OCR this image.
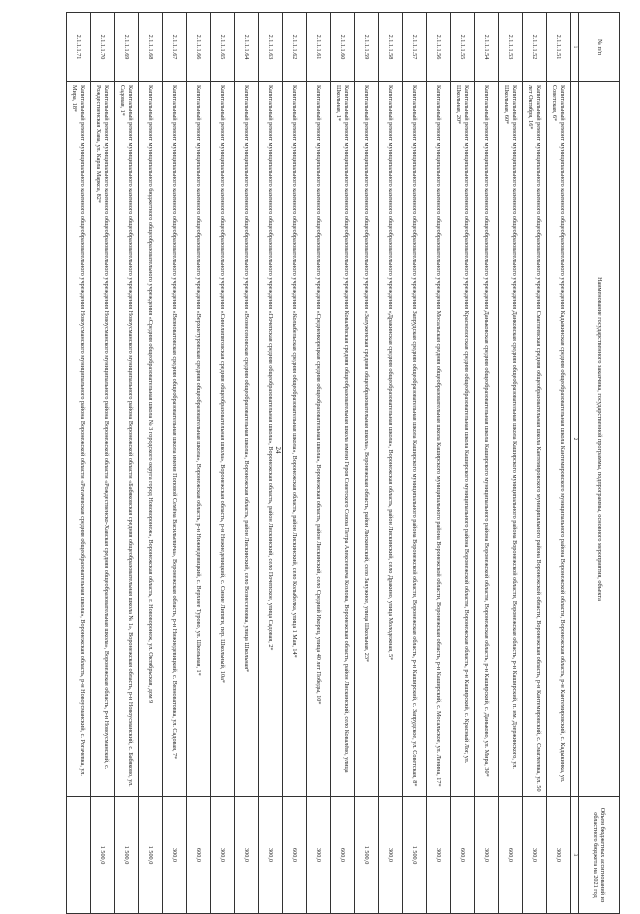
24
№ п/п	Наименование государственного заказчика, государственной программы, подпрограммы, основного мероприятия, объекта	Объем бюджетных ассигнований из областного бюджета на 2021 год
1	2	3
2.1.1.1.51	Капитальный ремонт муниципального казенного общеобразовательного учреждения Кадыкинская средняя общеобразовательная школа Кантемировского муниципального района Воронежской области, Воронежская область, р-н Кантемировский, с. Кадыкинка, ул. Советская, 6*	300,0
2.1.1.1.52	Капитальный ремонт муниципального казенного общеобразовательного учреждения Смаглеевская средняя общеобразовательная школа Кантемировского муниципального района Воронежской области, Воронежская область, р-н Кантемировский, с. Смаглеевка, ул. 50 лет Октября, 16*	300,0
2.1.1.1.53	Капитальный ремонт муниципального казенного общеобразовательного учреждения Данковская средняя общеобразовательная школа Каширского муниципального района Воронежской области, Воронежская область, р-н Каширский, п. им. Дзержинского, ул. Школьная, 60*	600,0
2.1.1.1.54	Капитальный ремонт муниципального казенного общеобразовательного учреждения Даньковская средняя общеобразовательная школа Каширского муниципального района Воронежской области, Воронежская область, р-н Каширский, с. Даньково, ул. Мира, 30*	300,0
2.1.1.1.55	Капитальный ремонт муниципального казенного общеобразовательного учреждения Краснологская средняя общеобразовательная школа Каширского муниципального района Воронежской области, Воронежская область, р-н Каширский, с. Красный Лог, ул. Школьная, 20*	600,0
2.1.1.1.56	Капитальный ремонт муниципального казенного общеобразовательного учреждения Мосальская средняя общеобразовательная школа Каширского муниципального района Воронежской области, Воронежская область, р-н Каширский, с. Мосальское, ул. Ленина, 17*	300,0
2.1.1.1.57	Капитальный ремонт муниципального казенного общеобразовательного учреждения Запрудская средняя общеобразовательная школа Каширского муниципального района Воронежской области, Воронежская область, р-н Каширский, с. Запрудское, ул. Советская, 8*	1 500,0
2.1.1.1.58	Капитальный ремонт муниципального казенного общеобразовательного учреждения «Дракинская средняя общеобразовательная школа», Воронежская область, район Лискинский, село Дракино, улица Молодежная, 5*	300,0
2.1.1.1.59	Капитальный ремонт муниципального казенного общеобразовательного учреждения «Залуженская средняя общеобразовательная школа», Воронежская область, район Лискинский, село Залужное, улица Школьная, 23*	1 500,0
2.1.1.1.60	Капитальный ремонт муниципального казенного общеобразовательного учреждения Ковалёвская средняя общеобразовательная школа имени Героя Советского Союза Петра Алексеевича Козлова, Воронежская область, район Лискинский, село Ковалёво, улица Школьная, 1*	600,0
2.1.1.1.61	Капитальный ремонт муниципального казенного общеобразовательного учреждения «Среднеикорецкая средняя общеобразовательная школа», Воронежская область, район Лискинский, село Средний Икорец, улица 40 лет Победы, 10*	300,0
2.1.1.1.62	Капитальный ремонт муниципального казенного общеобразовательного учреждения «Колыбельская средняя общеобразовательная школа», Воронежская область, район Лискинский, село Колыбелка, улица 1 Мая, 14*	600,0
2.1.1.1.63	Капитальный ремонт муниципального казенного общеобразовательного учреждения «Почепская средняя общеобразовательная школа», Воронежская область, район Лискинский, село Почепское, улица Садовая, 2*	300,0
2.1.1.1.64	Капитальный ремонт муниципального казенного общеобразовательного учреждения «Вознесеновская средняя общеобразовательная школа», Воронежская область, район Лискинский, село Вознесеновка, улица Школьная*	300,0
2.1.1.1.65	Капитальный ремонт муниципального казенного общеобразовательного учреждения «Синелипяговская средняя общеобразовательная школа», Воронежская область, р-н Нижнедевицкий, с. Синие Липяги, пер. Школьный, 10а*	300,0
2.1.1.1.66	Капитальный ремонт муниципального казенного общеобразовательного учреждения «Верхнетуровская средняя общеобразовательная школа», Воронежская область, р-н Нижнедевицкий, с. Верхнее Турово, ул. Школьная, 1*	600,0
2.1.1.1.67	Капитальный ремонт муниципального казенного общеобразовательного учреждения «Вязноватовская средняя общеобразовательная школа имени Поповой Семёна Васильевича», Воронежская область, р-н Нижнедевицкий, с. Вязноватовка, ул. Садовая, 7*	300,0
2.1.1.1.68	Капитальный ремонт муниципального бюджетного общеобразовательного учреждения «Средняя общеобразовательная школа № 3 городского округа город Нововоронеж», Воронежская область, г. Нововоронеж, ул. Октябрьская, дом 9	1 500,0
2.1.1.1.69	Капитальный ремонт муниципального казенного общеобразовательного учреждения Новоусманского муниципального района Воронежской области «Бабяковская средняя общеобразовательная школа № 1», Воронежская область, р-н Новоусманский, с. Бабяково, ул. Садовая, 1*	1 500,0
2.1.1.1.70	Капитальный ремонт муниципального казенного общеобразовательного учреждения Новоусманского муниципального района Воронежской области «Рождественско-Хавская средняя общеобразовательная школа», Воронежская область, р-н Новоусманский, с. Рождественская Хава, ул. Карла Маркса, 82*	1 500,0
2.1.1.1.71	Капитальный ремонт муниципального казенного общеобразовательного учреждения Новоусманского муниципального района Воронежской области «Рогачевская средняя общеобразовательная школа», Воронежская область, р-н Новоусманский, с. Рогачевка, ул. Мира, 18*	
